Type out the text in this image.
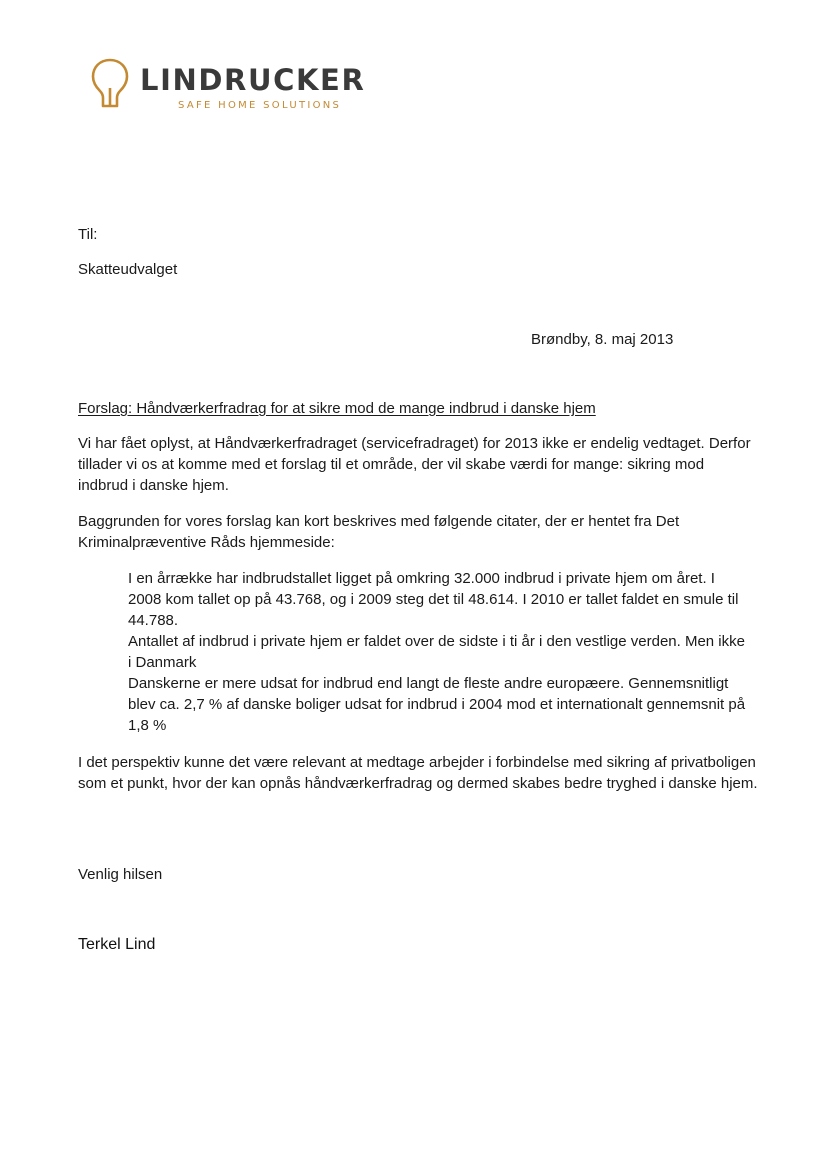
LINDRUCKER
SAFE HOME SOLUTIONS

Til:

Skatteudvalget

Brøndby, 8. maj 2013

Forslag: Håndværkerfradrag for at sikre mod de mange indbrud i danske hjem

Vi har fået oplyst, at Håndværkerfradraget (servicefradraget) for 2013 ikke er endelig vedtaget. Derfor tillader vi os at komme med et forslag til et område, der vil skabe værdi for mange: sikring mod indbrud i danske hjem.

Baggrunden for vores forslag kan kort beskrives med følgende citater, der er hentet fra Det Kriminalpræventive Råds hjemmeside:

I en årrække har indbrudstallet ligget på omkring 32.000 indbrud i private hjem om året. I 2008 kom tallet op på 43.768, og i 2009 steg det til 48.614. I 2010 er tallet faldet en smule til 44.788.

Antallet af indbrud i private hjem er faldet over de sidste i ti år i den vestlige verden. Men ikke i Danmark

Danskerne er mere udsat for indbrud end langt de fleste andre europæere. Gennemsnitligt blev ca. 2,7 % af danske boliger udsat for indbrud i 2004 mod et internationalt gennemsnit på 1,8 %

I det perspektiv kunne det være relevant at medtage arbejder i forbindelse med sikring af privatboligen som et punkt, hvor der kan opnås håndværkerfradrag og dermed skabes bedre tryghed i danske hjem.

Venlig hilsen

Terkel Lind
